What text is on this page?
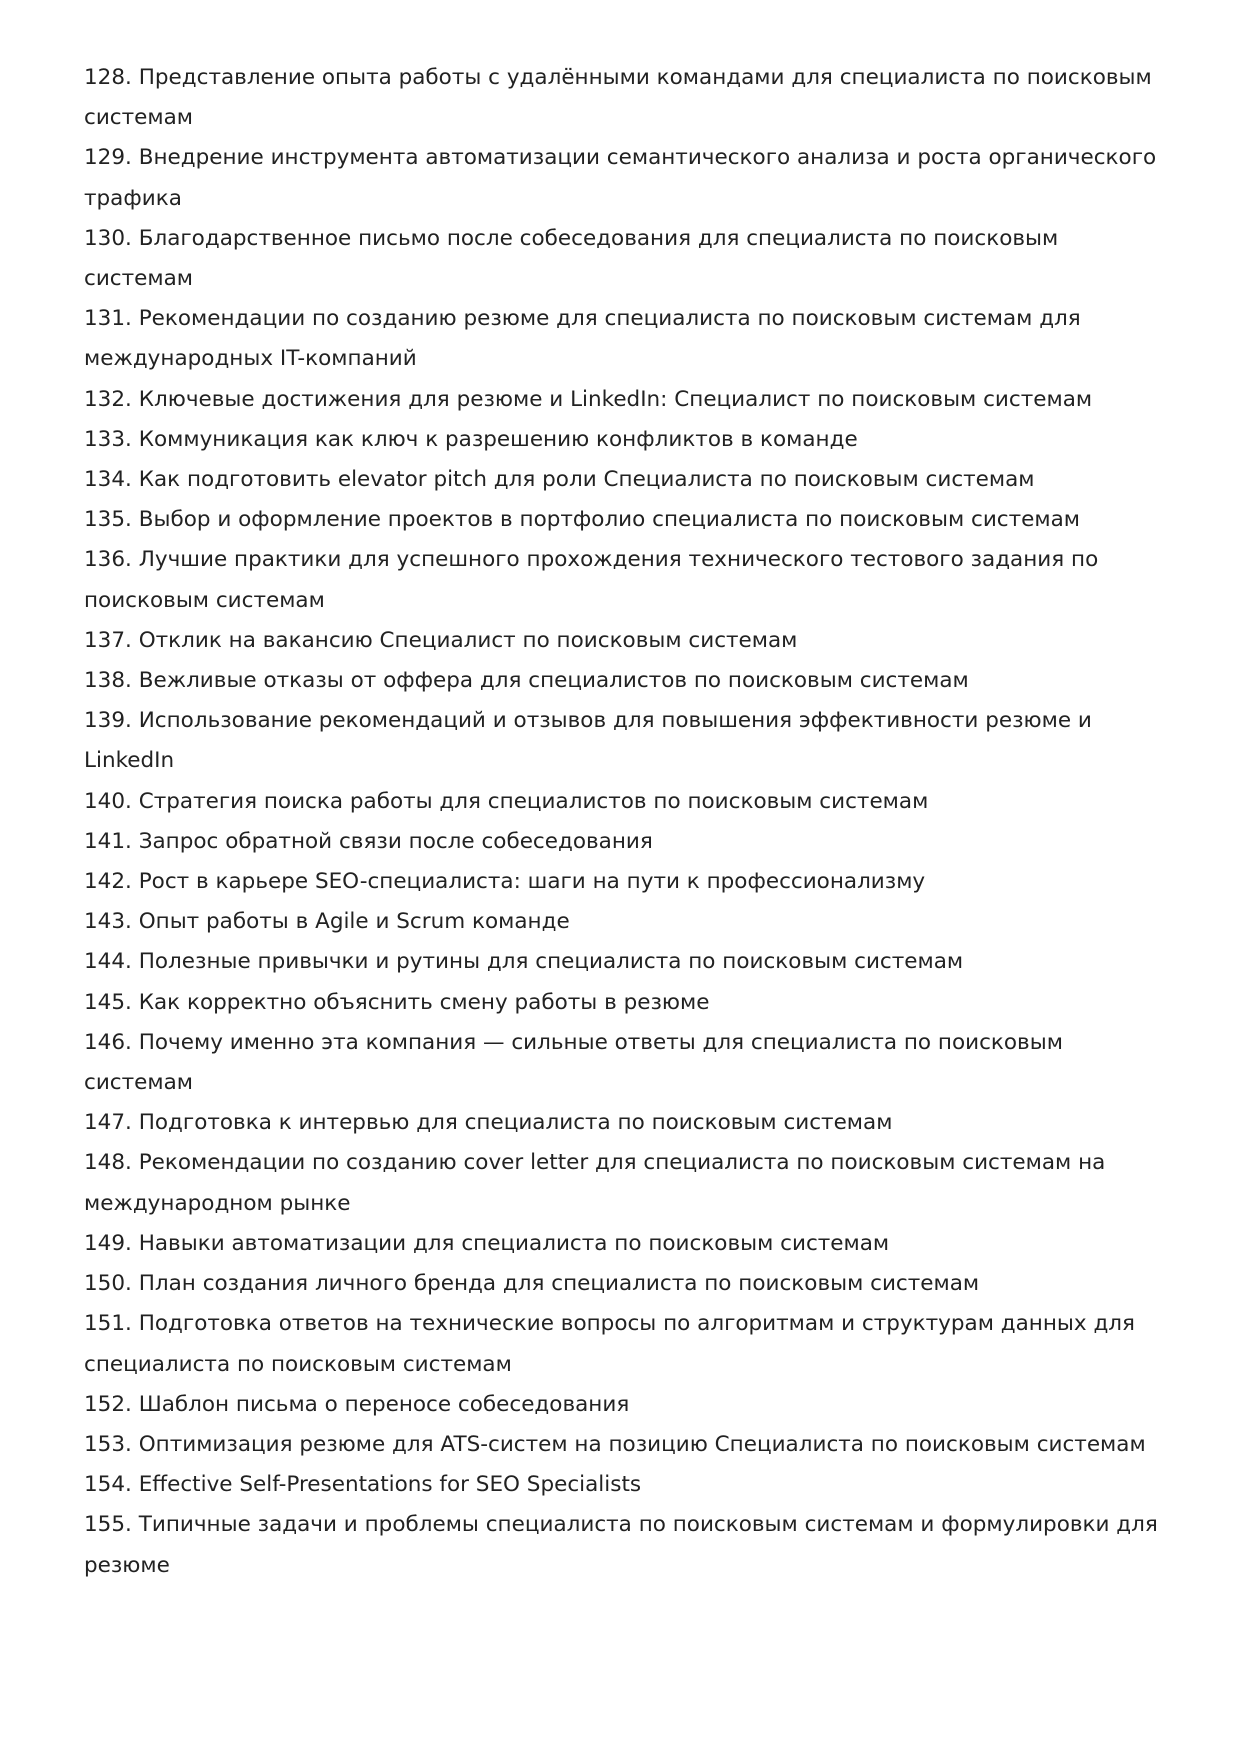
128. Представление опыта работы с удалёнными командами для специалиста по поисковым системам

129. Внедрение инструмента автоматизации семантического анализа и роста органического трафика

130. Благодарственное письмо после собеседования для специалиста по поисковым системам

131. Рекомендации по созданию резюме для специалиста по поисковым системам для международных IT-компаний

132. Ключевые достижения для резюме и LinkedIn: Специалист по поисковым системам

133. Коммуникация как ключ к разрешению конфликтов в команде

134. Как подготовить elevator pitch для роли Специалиста по поисковым системам

135. Выбор и оформление проектов в портфолио специалиста по поисковым системам

136. Лучшие практики для успешного прохождения технического тестового задания по поисковым системам

137. Отклик на вакансию Специалист по поисковым системам

138. Вежливые отказы от оффера для специалистов по поисковым системам

139. Использование рекомендаций и отзывов для повышения эффективности резюме и LinkedIn

140. Стратегия поиска работы для специалистов по поисковым системам

141. Запрос обратной связи после собеседования

142. Рост в карьере SEO-специалиста: шаги на пути к профессионализму

143. Опыт работы в Agile и Scrum команде

144. Полезные привычки и рутины для специалиста по поисковым системам

145. Как корректно объяснить смену работы в резюме

146. Почему именно эта компания — сильные ответы для специалиста по поисковым системам

147. Подготовка к интервью для специалиста по поисковым системам

148. Рекомендации по созданию cover letter для специалиста по поисковым системам на международном рынке

149. Навыки автоматизации для специалиста по поисковым системам

150. План создания личного бренда для специалиста по поисковым системам

151. Подготовка ответов на технические вопросы по алгоритмам и структурам данных для специалиста по поисковым системам

152. Шаблон письма о переносе собеседования

153. Оптимизация резюме для ATS-систем на позицию Специалиста по поисковым системам

154. Effective Self-Presentations for SEO Specialists

155. Типичные задачи и проблемы специалиста по поисковым системам и формулировки для резюме
